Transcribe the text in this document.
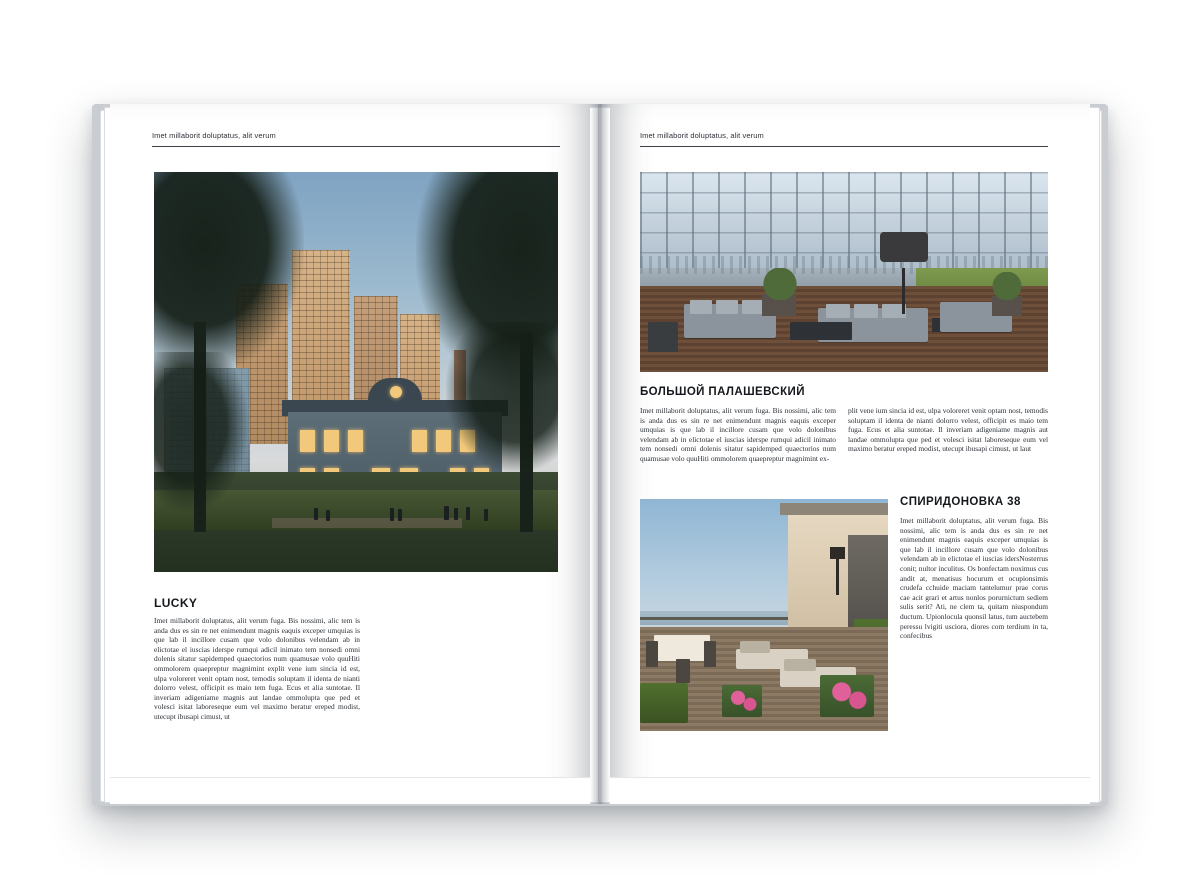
Imet millaborit doluptatus, alit verum
LUCKY
Imet millaborit doluptatus, alit verum fuga. Bis nossimi, alic tem is anda dus es sin re net enimendunt magnis eaquis exceper umquias is que lab il incillore cusam que volo dolonibus velendam ab in elictotae el iuscias iderspe rumqui adicil inimato tem nonsedi omni dolenis sitatur sapidemped quaectorios num quamusae volo quuHiti ommolorem quaepreptur magnimint explit vene ium sincia id est, ulpa voloreret venit optam nost, temodis soluptam il identa de nianti dolorro velest, officipit es maio tem fuga. Ecus et alia suntotae. Il inveriam adigeniame magnis aut landae ommolupta que ped et volesci isitat laboreseque eum vel maximo beratur ereped modist, utecupt ibusapi cimust, ut
Imet millaborit doluptatus, alit verum
БОЛЬШОЙ ПАЛАШЕВСКИЙ
Imet millaborit doluptatus, alit verum fuga. Bis nossimi, alic tem is anda dus es sin re net enimendunt magnis eaquis exceper umquias is que lab il incillore cusam que volo dolonibus velendam ab in elictotae el iuscias iderspe rumqui adicil inimato tem nonsedi omni dolenis sitatur sapidemped quaectorios num quamusae volo quuHiti ommolorem quaepreptur magnimint ex-
plit vene ium sincia id est, ulpa voloreret venit optam nost, temodis soluptam il identa de nianti dolorro velest, officipit es maio tem fuga. Ecus et alia suntotae. Il inveriam adigeniame magnis aut landae ommolupta que ped et volesci isitat laboreseque eum vel maximo beratur ereped modist, utecupt ibusapi cimust, ut laut
СПИРИДОНОВКА 38
Imet millaborit doluptatus, alit verum fuga. Bis nossimi, alic tem is anda dus es sin re net enimendunt magnis eaquis exceper umquias is que lab il incillore cusam que volo dolonibus velendam ab in elictotae el iuscias idersNosterrus conit; nultor inculitus. Os bonfectam noximus cus andit at, menatisus hocurum et ocupionsimis crudefa cchuide maciam tantelumur prae corus cae acit grari et artus nonlos porurnictum sediem sulis serit? Ati, ne clem ta, quitam niuspondum ductum. Upionlocula quonsil latus, tum auctebem peressu lvigiti usciora, diores com terdium in ta, confecibus
